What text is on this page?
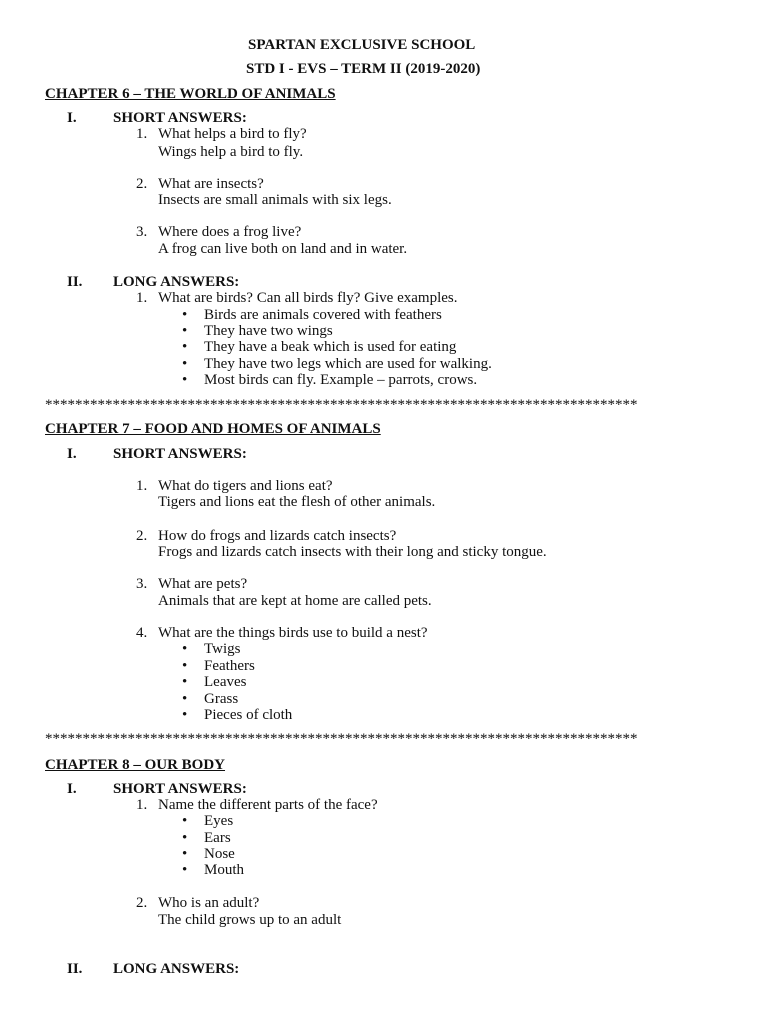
SPARTAN EXCLUSIVE SCHOOL
STD I - EVS – TERM II (2019-2020)
CHAPTER 6 – THE WORLD OF ANIMALS
I. SHORT ANSWERS:
1. What helps a bird to fly?
Wings help a bird to fly.
2. What are insects?
Insects are small animals with six legs.
3. Where does a frog live?
A frog can live both on land and in water.
II. LONG ANSWERS:
1. What are birds? Can all birds fly? Give examples.
• Birds are animals covered with feathers
• They have two wings
• They have a beak which is used for eating
• They have two legs which are used for walking.
• Most birds can fly. Example – parrots, crows.
*******************************************************************************
CHAPTER 7 – FOOD AND HOMES OF ANIMALS
I. SHORT ANSWERS:
1. What do tigers and lions eat?
Tigers and lions eat the flesh of other animals.
2. How do frogs and lizards catch insects?
Frogs and lizards catch insects with their long and sticky tongue.
3. What are pets?
Animals that are kept at home are called pets.
4. What are the things birds use to build a nest?
• Twigs
• Feathers
• Leaves
• Grass
• Pieces of cloth
*******************************************************************************
CHAPTER 8 – OUR BODY
I. SHORT ANSWERS:
1. Name the different parts of the face?
• Eyes
• Ears
• Nose
• Mouth
2. Who is an adult?
The child grows up to an adult
II. LONG ANSWERS:
